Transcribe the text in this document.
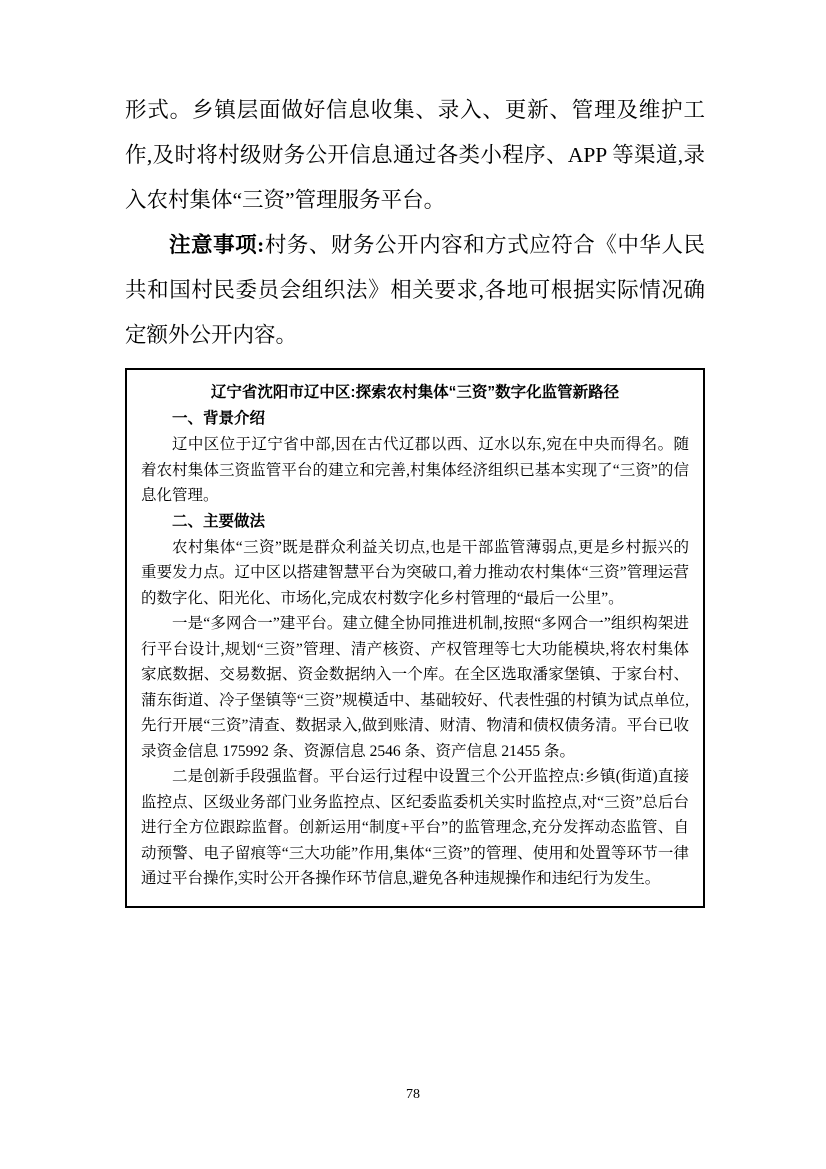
形式。乡镇层面做好信息收集、录入、更新、管理及维护工作,及时将村级财务公开信息通过各类小程序、APP 等渠道,录入农村集体“三资”管理服务平台。

注意事项:村务、财务公开内容和方式应符合《中华人民共和国村民委员会组织法》相关要求,各地可根据实际情况确定额外公开内容。

辽宁省沈阳市辽中区:探索农村集体“三资”数字化监管新路径

一、背景介绍

辽中区位于辽宁省中部,因在古代辽郡以西、辽水以东,宛在中央而得名。随着农村集体三资监管平台的建立和完善,村集体经济组织已基本实现了“三资”的信息化管理。

二、主要做法

农村集体“三资”既是群众利益关切点,也是干部监管薄弱点,更是乡村振兴的重要发力点。辽中区以搭建智慧平台为突破口,着力推动农村集体“三资”管理运营的数字化、阳光化、市场化,完成农村数字化乡村管理的“最后一公里”。

一是“多网合一”建平台。建立健全协同推进机制,按照“多网合一”组织构架进行平台设计,规划“三资”管理、清产核资、产权管理等七大功能模块,将农村集体家底数据、交易数据、资金数据纳入一个库。在全区选取潘家堡镇、于家台村、蒲东街道、冷子堡镇等“三资”规模适中、基础较好、代表性强的村镇为试点单位,先行开展“三资”清查、数据录入,做到账清、财清、物清和债权债务清。平台已收录资金信息 175992 条、资源信息 2546 条、资产信息 21455 条。

二是创新手段强监督。平台运行过程中设置三个公开监控点:乡镇(街道)直接监控点、区级业务部门业务监控点、区纪委监委机关实时监控点,对“三资”总后台进行全方位跟踪监督。创新运用“制度+平台”的监管理念,充分发挥动态监管、自动预警、电子留痕等“三大功能”作用,集体“三资”的管理、使用和处置等环节一律通过平台操作,实时公开各操作环节信息,避免各种违规操作和违纪行为发生。

78
